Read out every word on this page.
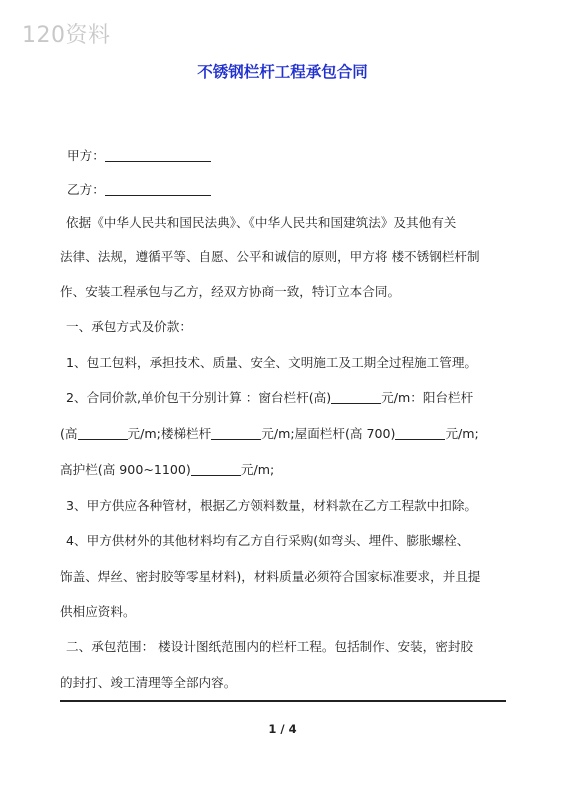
120资料
不锈钢栏杆工程承包合同
甲方：
乙方：
依据《中华人民共和国民法典》、《中华人民共和国建筑法》及其他有关
法律、法规，遵循平等、自愿、公平和诚信的原则，甲方将 楼不锈钢栏杆制
作、安装工程承包与乙方，经双方协商一致，特订立本合同。
一、承包方式及价款：
1、包工包料，承担技术、质量、安全、文明施工及工期全过程施工管理。
2、合同价款,单价包干分别计算 ：窗台栏杆(高)	元/m：阳台栏杆
(高	元/m;楼梯栏杆	元/m;屋面栏杆(高 700)	元/m;
高护栏(高 900~1100)	元/m;
3、甲方供应各种管材，根据乙方领料数量，材料款在乙方工程款中扣除。
4、甲方供材外的其他材料均有乙方自行采购(如弯头、埋件、膨胀螺栓、
饰盖、焊丝、密封胶等零星材料)，材料质量必须符合国家标准要求，并且提
供相应资料。
二、承包范围： 楼设计图纸范围内的栏杆工程。包括制作、安装，密封胶
的封打、竣工清理等全部内容。
1 / 4
